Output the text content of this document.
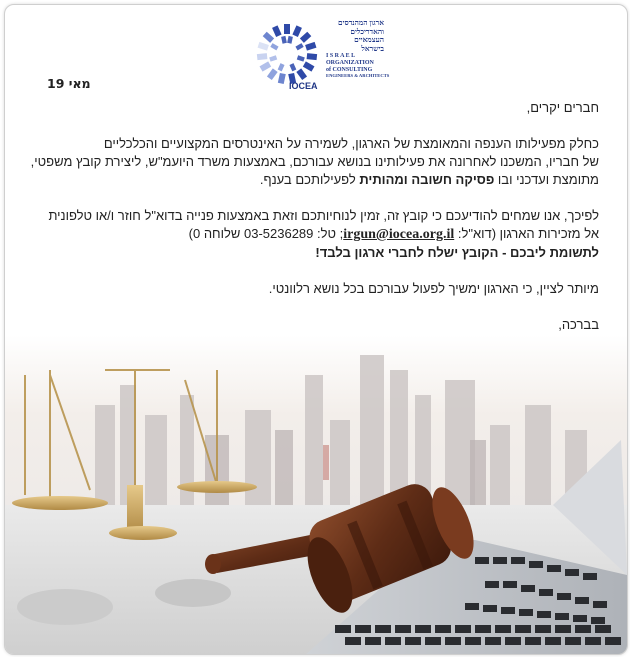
ארגון המהנדסים
והאדריכלים
העצמאיים
בישראל
I S R A E L
ORGANIZATION
of CONSULTING
ENGINEERS & ARCHITECTS
IOCEA
מאי 19

חברים יקרים,

כחלק מפעילותו הענפה והמאומצת של הארגון, לשמירה על האינטרסים המקצועיים והכלכליים

של חבריו, המשכנו לאחרונה את פעילותינו בנושא עבורכם, באמצעות משרד היועמ"ש, ליצירת קובץ משפטי,

מתומצת ועדכני ובו פסיקה חשובה ומהותית לפעילותכם בענף.

לפיכך, אנו שמחים להודיעכם כי קובץ זה, זמין לנוחיותכם וזאת באמצעות פנייה בדוא"ל חוזר ו/או טלפונית

אל מזכירות הארגון (דוא"ל: irgun@iocea.org.il; טל: 03-5236289 שלוחה 0)

לתשומת ליבכם - הקובץ ישלח לחברי ארגון בלבד!

מיותר לציין, כי הארגון ימשיך לפעול עבורכם בכל נושא רלוונטי.

בברכה,
